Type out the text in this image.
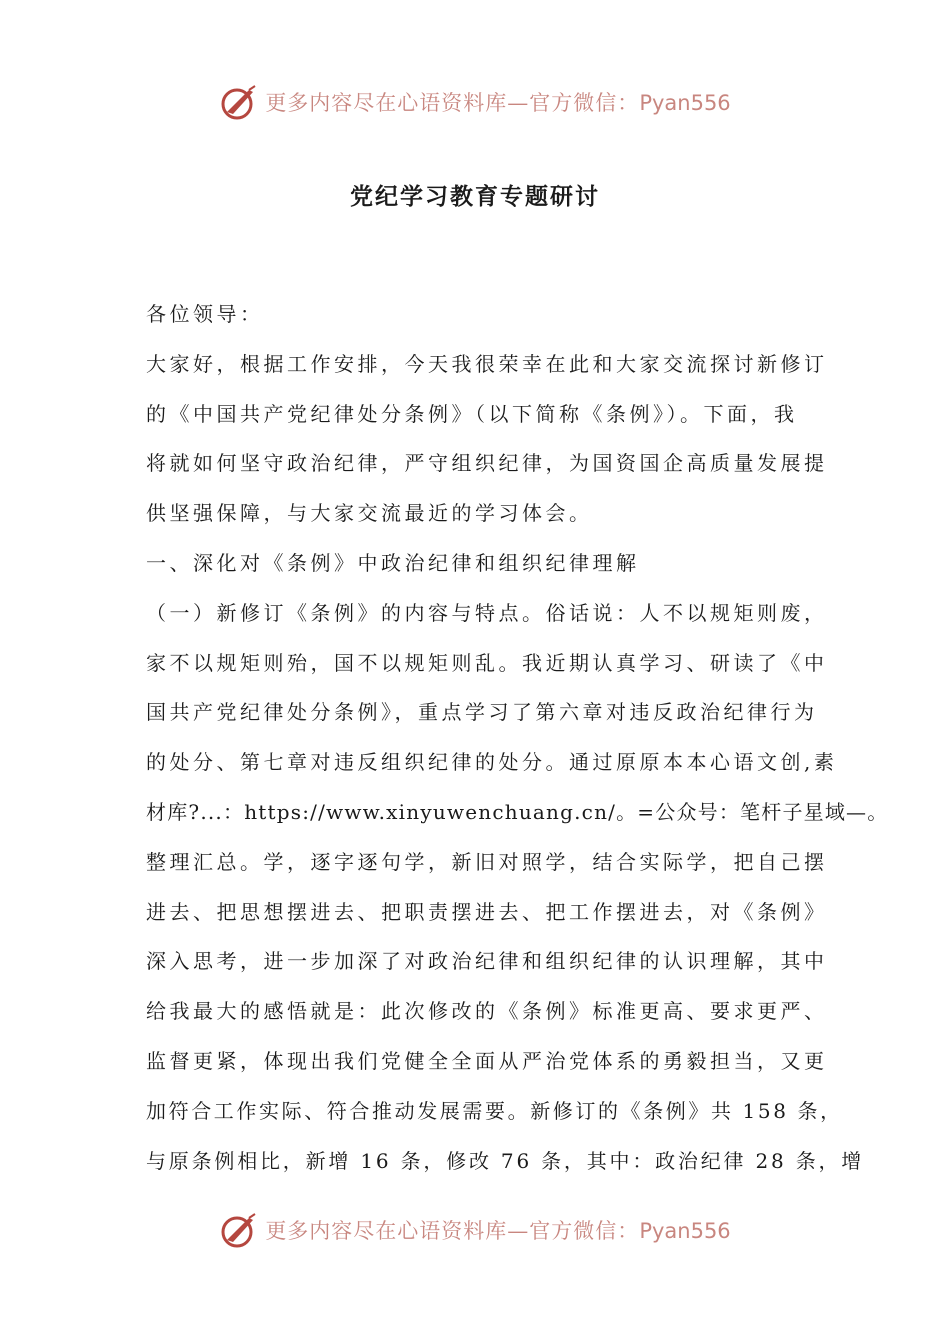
更多内容尽在心语资料库—官方微信：Pyan556
党纪学习教育专题研讨
各位领导：
大家好，根据工作安排，今天我很荣幸在此和大家交流探讨新修订
的《中国共产党纪律处分条例》（以下简称《条例》）。下面，我
将就如何坚守政治纪律，严守组织纪律，为国资国企高质量发展提
供坚强保障，与大家交流最近的学习体会。
一、深化对《条例》中政治纪律和组织纪律理解
（一）新修订《条例》的内容与特点。俗话说：人不以规矩则废，
家不以规矩则殆，国不以规矩则乱。我近期认真学习、研读了《中
国共产党纪律处分条例》，重点学习了第六章对违反政治纪律行为
的处分、第七章对违反组织纪律的处分。通过原原本本心语文创,素
材库?...：https://www.xinyuwenchuang.cn/。=公众号：笔杆子星域—。
整理汇总。学，逐字逐句学，新旧对照学，结合实际学，把自己摆
进去、把思想摆进去、把职责摆进去、把工作摆进去，对《条例》
深入思考，进一步加深了对政治纪律和组织纪律的认识理解，其中
给我最大的感悟就是：此次修改的《条例》标准更高、要求更严、
监督更紧，体现出我们党健全全面从严治党体系的勇毅担当，又更
加符合工作实际、符合推动发展需要。新修订的《条例》共 158 条，
与原条例相比，新增 16 条，修改 76 条，其中：政治纪律 28 条，增
更多内容尽在心语资料库—官方微信：Pyan556
